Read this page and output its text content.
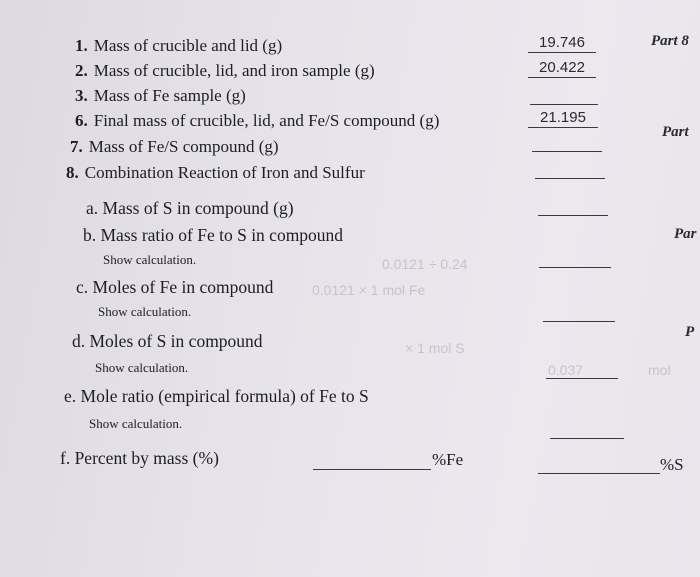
Part 8
Part
Par
P
1. Mass of crucible and lid (g)
2. Mass of crucible, lid, and iron sample (g)
3. Mass of Fe sample (g)
6. Final mass of crucible, lid, and Fe/S compound (g)
7. Mass of Fe/S compound (g)
8. Combination Reaction of Iron and Sulfur
a. Mass of S in compound (g)
b. Mass ratio of Fe to S in compound
Show calculation.
c. Moles of Fe in compound
Show calculation.
d. Moles of S in compound
Show calculation.
e. Mole ratio (empirical formula) of Fe to S
Show calculation.
f. Percent by mass (%)
19.746
20.422
21.195
%Fe	%S
0.0121 ÷ 0.24
0.0121 × 1 mol Fe
× 1 mol S
0.037	mol
